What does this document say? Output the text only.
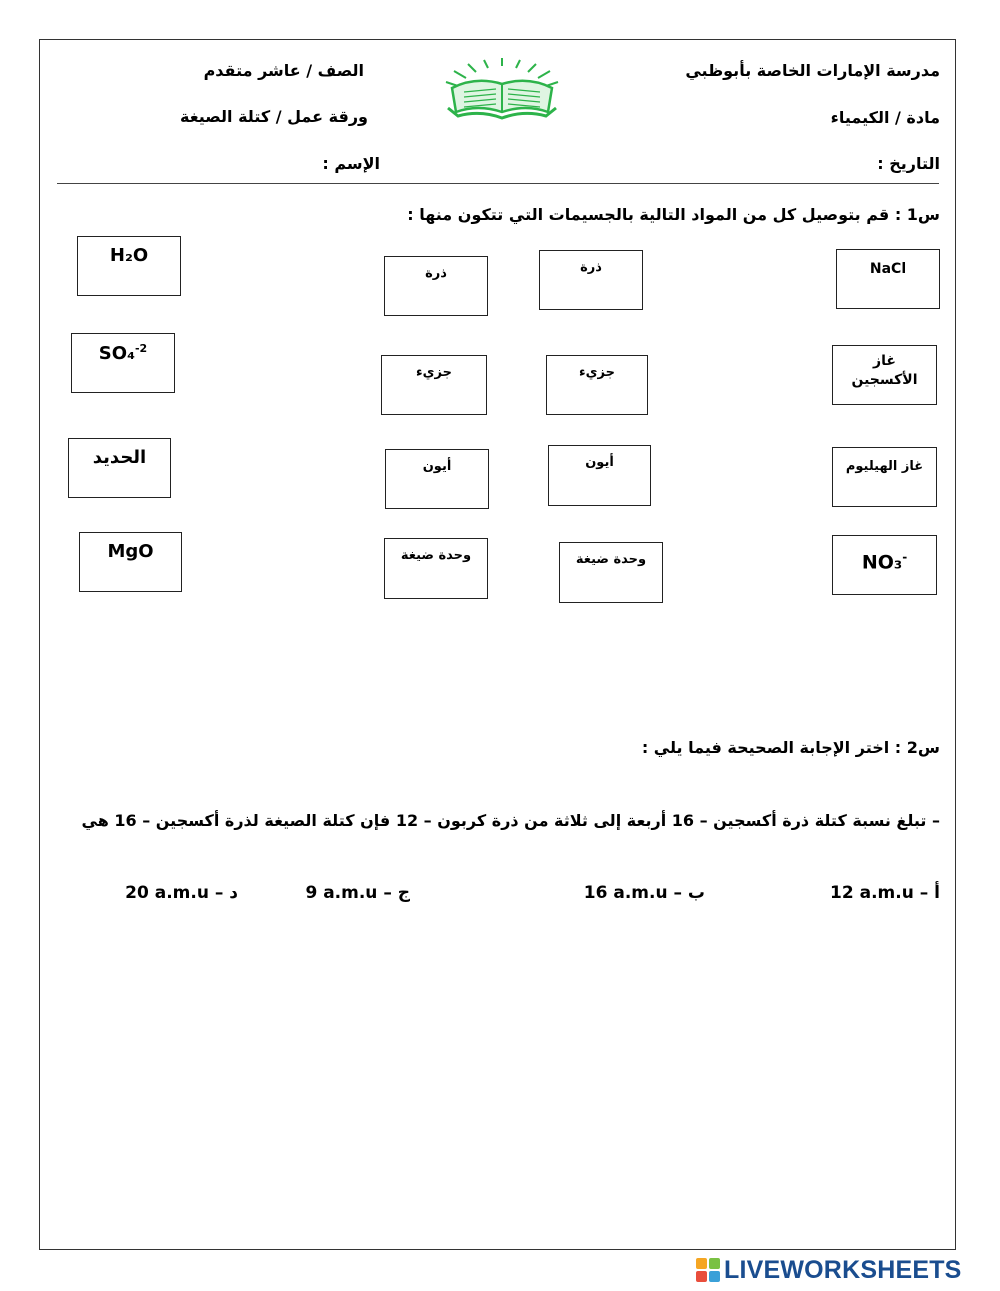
مدرسة الإمارات الخاصة بأبوظبي
مادة / الكيمياء
التاريخ :
الصف / عاشر متقدم
ورقة عمل / كتلة الصيغة
الإسم :
س1 : قم بتوصيل كل من المواد التالية بالجسيمات التي تتكون منها :
H₂O
SO₄$^{-2}$
الحديد
MgO
ذرة
جزيء
أيون
وحدة ضيغة
ذرة
جزيء
أيون
وحدة ضيغة
NaCl
غاز
الأكسجين
غاز الهيليوم
NO₃-
س2 : اختر الإجابة الصحيحة فيما يلي :
– تبلغ نسبة كتلة ذرة أكسجين – 16 أربعة إلى ثلاثة من ذرة كربون – 12 فإن كتلة الصيغة لذرة أكسجين – 16 هي
أ – 12 a.m.u
ب – 16 a.m.u
ج – 9 a.m.u
د – 20 a.m.u
LIVEWORKSHEETS
